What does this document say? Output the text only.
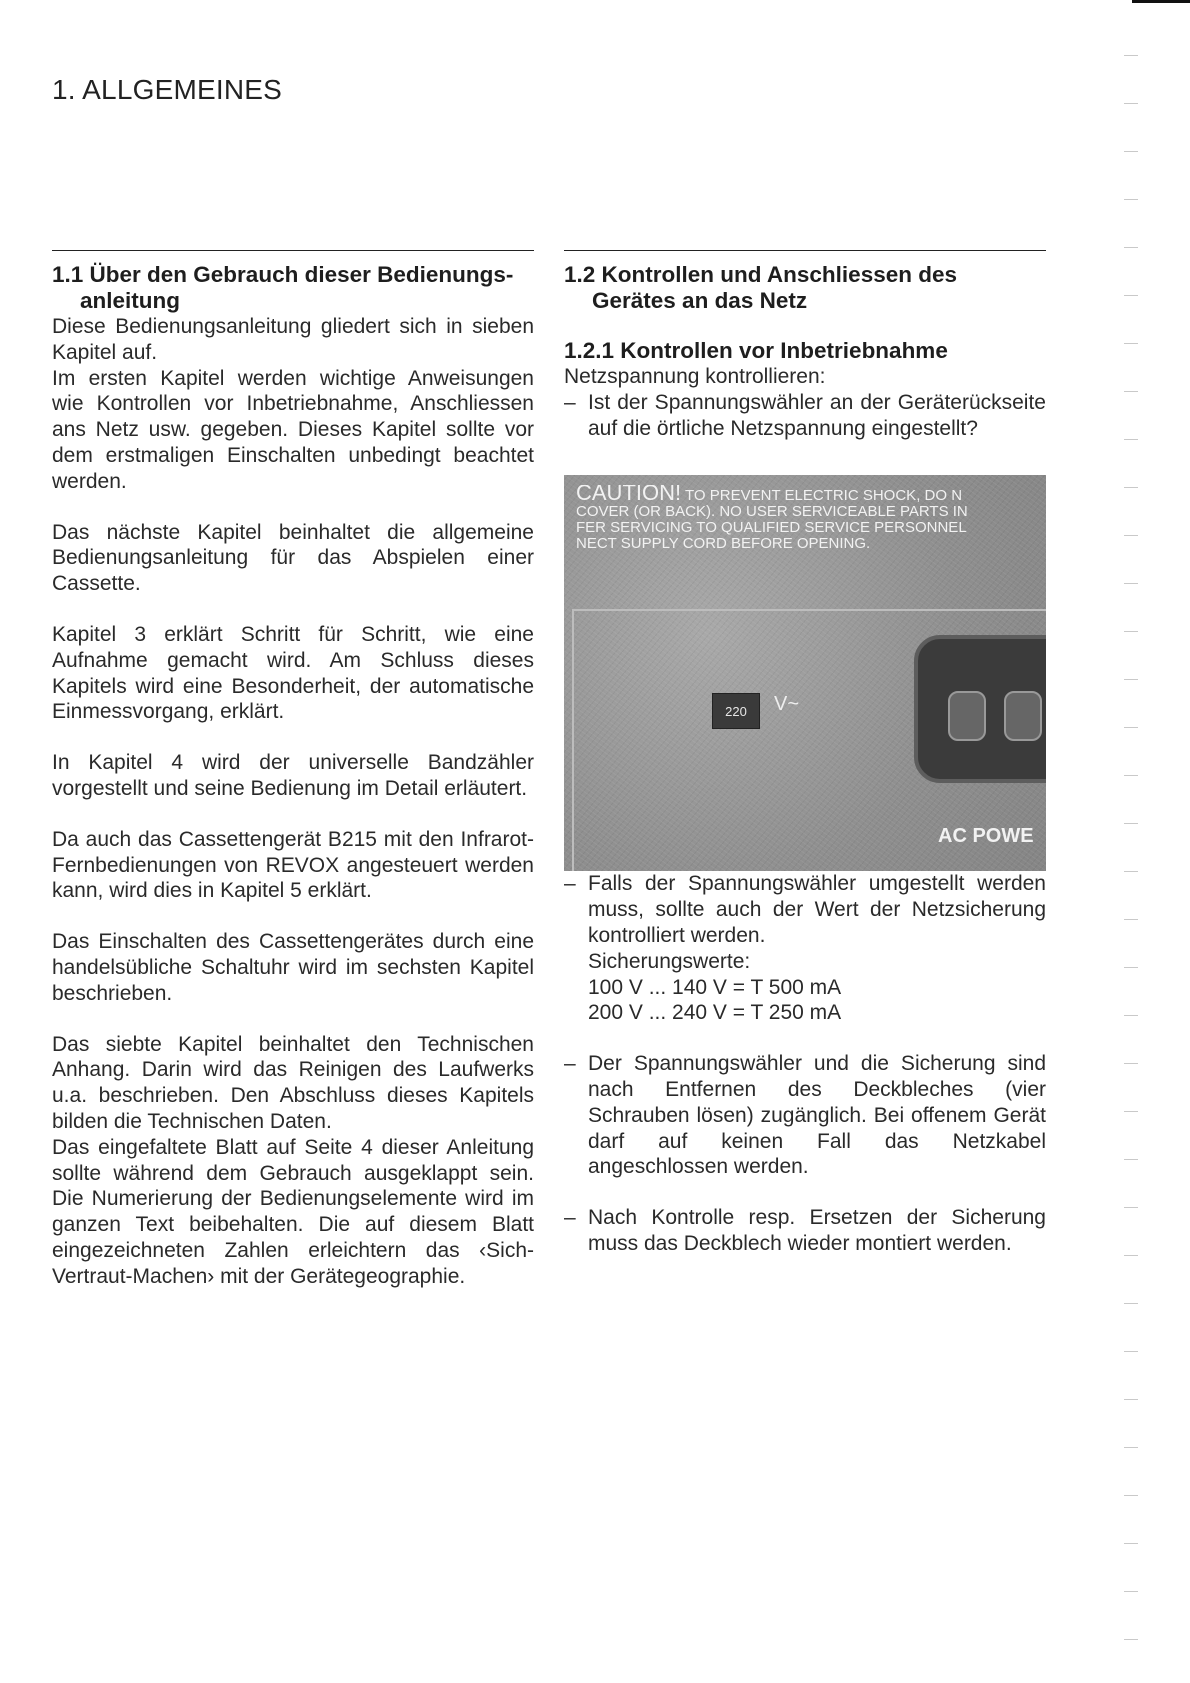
1. ALLGEMEINES
1.1 Über den Gebrauch dieser Bedienungs-anleitung

Diese Bedienungsanleitung gliedert sich in sieben Kapitel auf.

Im ersten Kapitel werden wichtige Anweisungen wie Kontrollen vor Inbetriebnahme, Anschliessen ans Netz usw. gegeben. Dieses Kapitel sollte vor dem erstmaligen Einschalten unbedingt beachtet werden.

Das nächste Kapitel beinhaltet die allgemeine Bedienungsanleitung für das Abspielen einer Cassette.

Kapitel 3 erklärt Schritt für Schritt, wie eine Aufnahme gemacht wird. Am Schluss dieses Kapitels wird eine Besonderheit, der automatische Einmessvorgang, erklärt.

In Kapitel 4 wird der universelle Bandzähler vorgestellt und seine Bedienung im Detail erläutert.

Da auch das Cassettengerät B215 mit den Infrarot-Fernbedienungen von REVOX angesteuert werden kann, wird dies in Kapitel 5 erklärt.

Das Einschalten des Cassettengerätes durch eine handelsübliche Schaltuhr wird im sechsten Kapitel beschrieben.

Das siebte Kapitel beinhaltet den Technischen Anhang. Darin wird das Reinigen des Laufwerks u.a. beschrieben. Den Abschluss dieses Kapitels bilden die Technischen Daten.

Das eingefaltete Blatt auf Seite 4 dieser Anleitung sollte während dem Gebrauch ausgeklappt sein. Die Numerierung der Bedienungselemente wird im ganzen Text beibehalten. Die auf diesem Blatt eingezeichneten Zahlen erleichtern das ‹Sich-Vertraut-Machen› mit der Gerätegeographie.

1.2 Kontrollen und Anschliessen des Gerätes an das Netz
1.2.1 Kontrollen vor Inbetriebnahme

Netzspannung kontrollieren:

– Ist der Spannungswähler an der Geräterückseite auf die örtliche Netzspannung eingestellt?
CAUTION! TO PREVENT ELECTRIC SHOCK, DO N
COVER (OR BACK). NO USER SERVICEABLE PARTS IN
FER SERVICING TO QUALIFIED SERVICE PERSONNEL
NECT SUPPLY CORD BEFORE OPENING.
220	V~
AC POWE
– Falls der Spannungswähler umgestellt werden muss, sollte auch der Wert der Netzsicherung kontrolliert werden.
Sicherungswerte:
100 V ... 140 V = T 500 mA
200 V ... 240 V = T 250 mA
– Der Spannungswähler und die Sicherung sind nach Entfernen des Deckbleches (vier Schrauben lösen) zugänglich. Bei offenem Gerät darf auf keinen Fall das Netzkabel angeschlossen werden.
– Nach Kontrolle resp. Ersetzen der Sicherung muss das Deckblech wieder montiert werden.
